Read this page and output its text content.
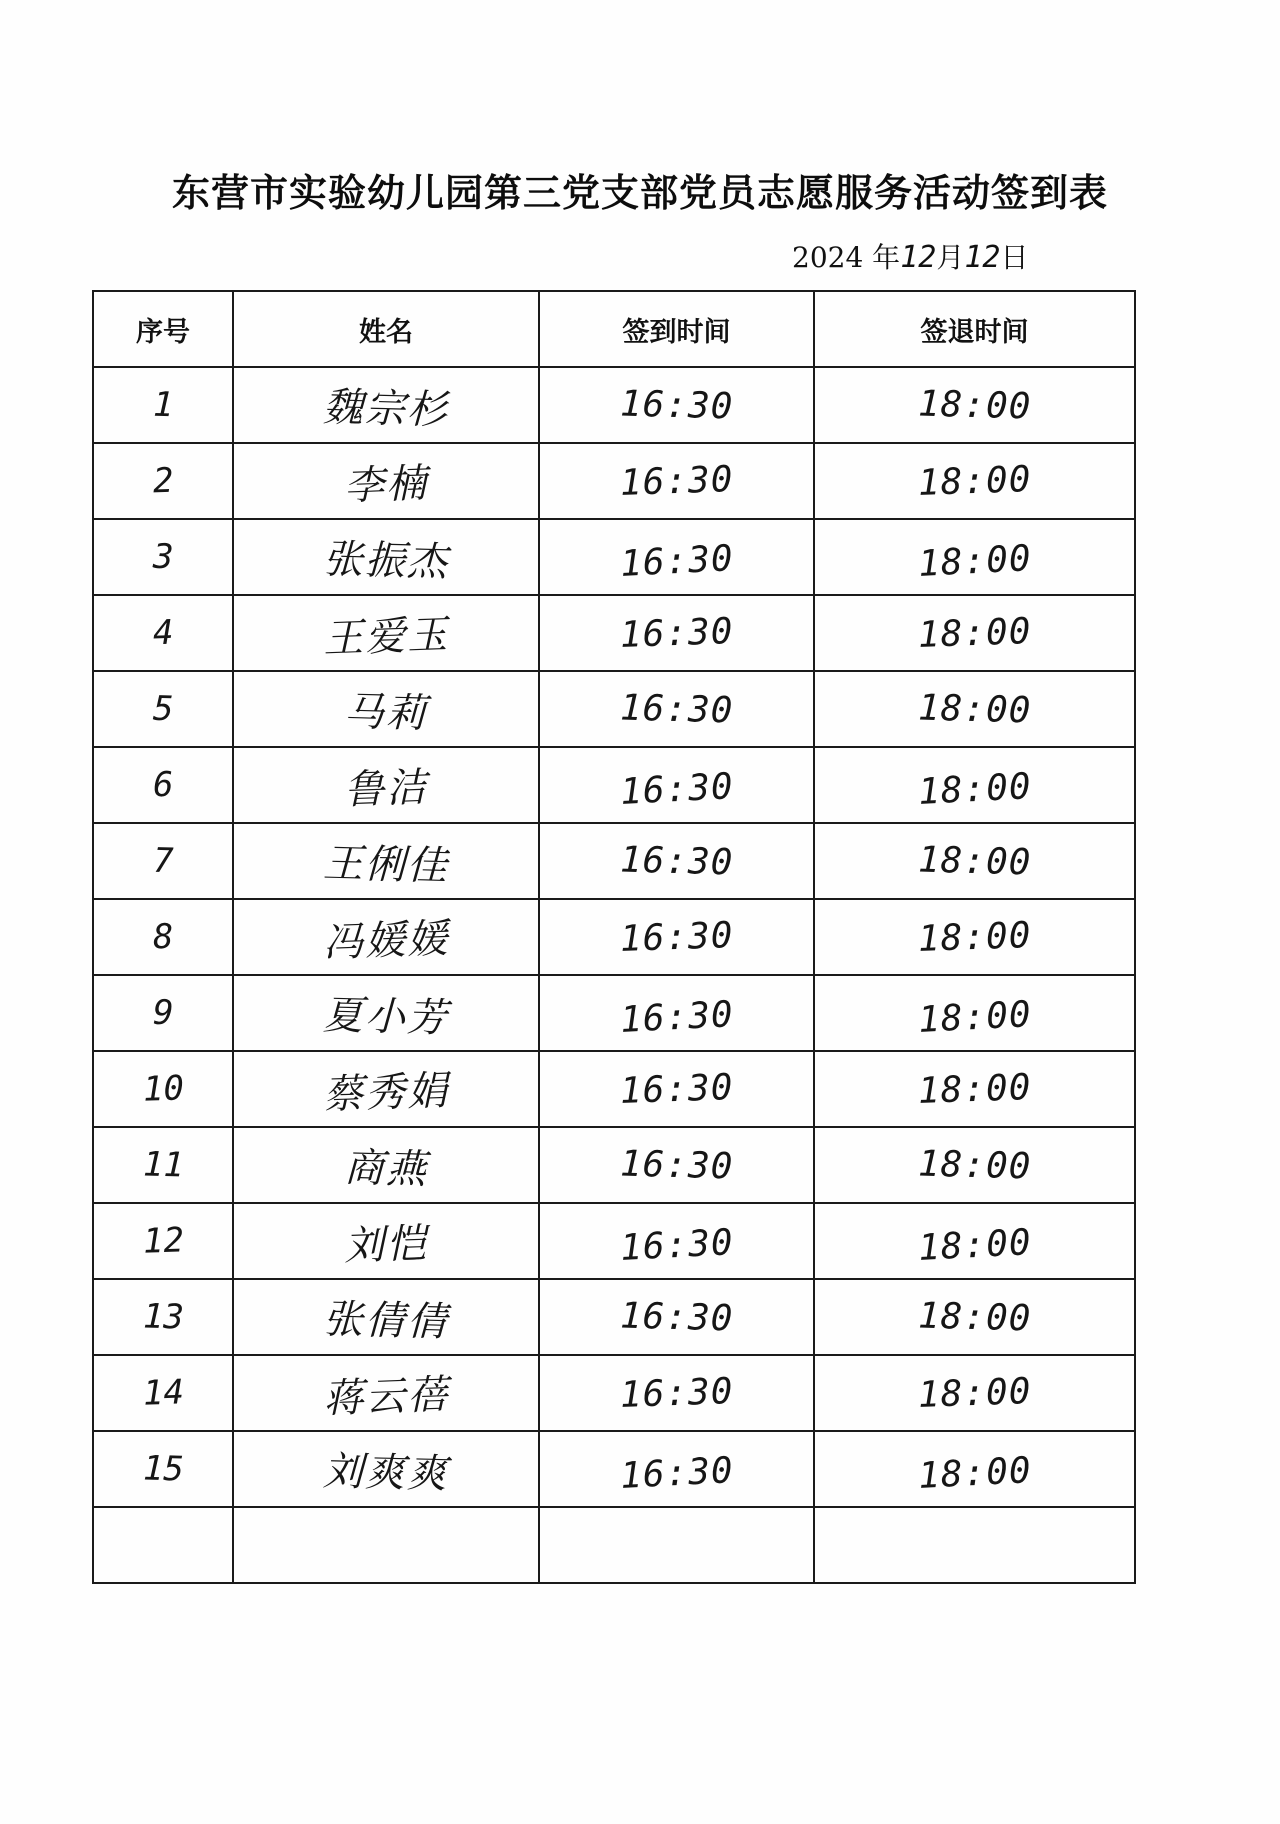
东营市实验幼儿园第三党支部党员志愿服务活动签到表
2024 年12月12日
序号	姓名	签到时间	签退时间
1	魏宗杉	16:30	18:00
2	李楠	16:30	18:00
3	张振杰	16:30	18:00
4	王爱玉	16:30	18:00
5	马莉	16:30	18:00
6	鲁洁	16:30	18:00
7	王俐佳	16:30	18:00
8	冯媛媛	16:30	18:00
9	夏小芳	16:30	18:00
10	蔡秀娟	16:30	18:00
11	商燕	16:30	18:00
12	刘恺	16:30	18:00
13	张倩倩	16:30	18:00
14	蒋云蓓	16:30	18:00
15	刘爽爽	16:30	18:00
